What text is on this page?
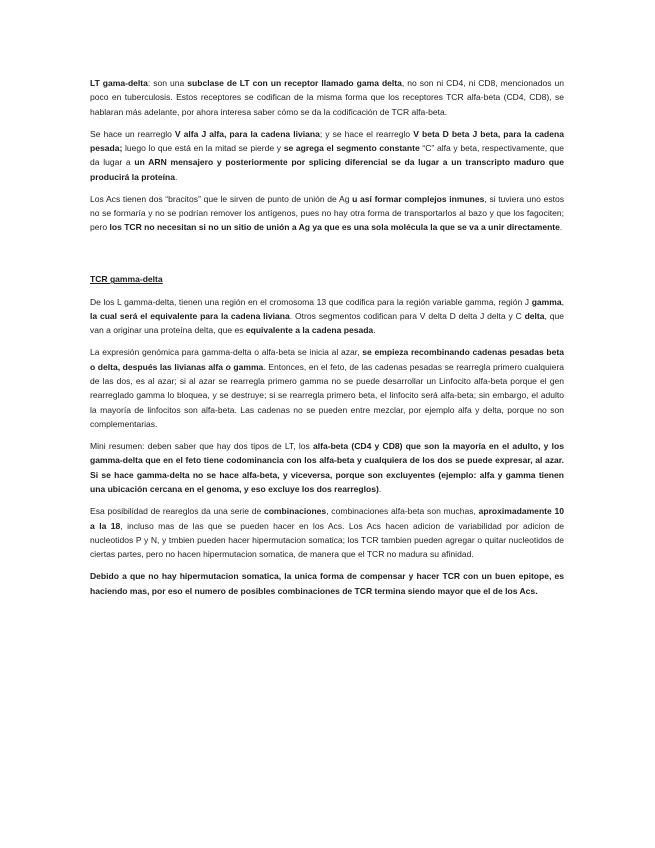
LT gama-delta: son una subclase de LT con un receptor llamado gama delta, no son ni CD4, ni CD8, mencionados un poco en tuberculosis. Estos receptores se codifican de la misma forma que los receptores TCR alfa-beta (CD4, CD8), se hablaran más adelante, por ahora interesa saber cómo se da la codificación de TCR alfa-beta.

Se hace un rearreglo V alfa J alfa, para la cadena liviana; y se hace el rearreglo V beta D beta J beta, para la cadena pesada; luego lo que está en la mitad se pierde y se agrega el segmento constante “C” alfa y beta, respectivamente, que da lugar a un ARN mensajero y posteriormente por splicing diferencial se da lugar a un transcripto maduro que producirá la proteína.

Los Acs tienen dos “bracitos” que le sirven de punto de unión de Ag u así formar complejos inmunes, si tuviera uno estos no se formaría y no se podrían remover los antígenos, pues no hay otra forma de transportarlos al bazo y que los fagociten; pero los TCR no necesitan si no un sitio de unión a Ag ya que es una sola molécula la que se va a unir directamente.

TCR gamma-delta

De los L gamma-delta, tienen una región en el cromosoma 13 que codifica para la región variable gamma, región J gamma, la cual será el equivalente para la cadena liviana. Otros segmentos codifican para V delta D delta J delta y C delta, que van a originar una proteína delta, que es equivalente a la cadena pesada.

La expresión genómica para gamma-delta o alfa-beta se inicia al azar, se empieza recombinando cadenas pesadas beta o delta, después las livianas alfa o gamma. Entonces, en el feto, de las cadenas pesadas se rearregla primero cualquiera de las dos, es al azar; si al azar se rearregla primero gamma no se puede desarrollar un Linfocito alfa-beta porque el gen rearreglado gamma lo bloquea, y se destruye; si se rearregla primero beta, el linfocito será alfa-beta; sin embargo, el adulto la mayoría de linfocitos son alfa-beta. Las cadenas no se pueden entre mezclar, por ejemplo alfa y delta, porque no son complementarias.

Mini resumen: deben saber que hay dos tipos de LT, los alfa-beta (CD4 y CD8) que son la mayoría en el adulto, y los gamma-delta que en el feto tiene codominancia con los alfa-beta y cualquiera de los dos se puede expresar, al azar. Si se hace gamma-delta no se hace alfa-beta, y viceversa, porque son excluyentes (ejemplo: alfa y gamma tienen una ubicación cercana en el genoma, y eso excluye los dos rearreglos).

Esa posibilidad de reareglos da una serie de combinaciones, combinaciones alfa-beta son muchas, aproximadamente 10 a la 18, incluso mas de las que se pueden hacer en los Acs. Los Acs hacen adicion de variabilidad por adicion de nucleotidos P y N, y tmbien pueden hacer hipermutacion somatica; los TCR tambien pueden agregar o quitar nucleotidos de ciertas partes, pero no hacen hipermutacion somatica, de manera que el TCR no madura su afinidad.

Debido a que no hay hipermutacion somatica, la unica forma de compensar y hacer TCR con un buen epitope, es haciendo mas, por eso el numero de posibles combinaciones de TCR termina siendo mayor que el de los Acs.
